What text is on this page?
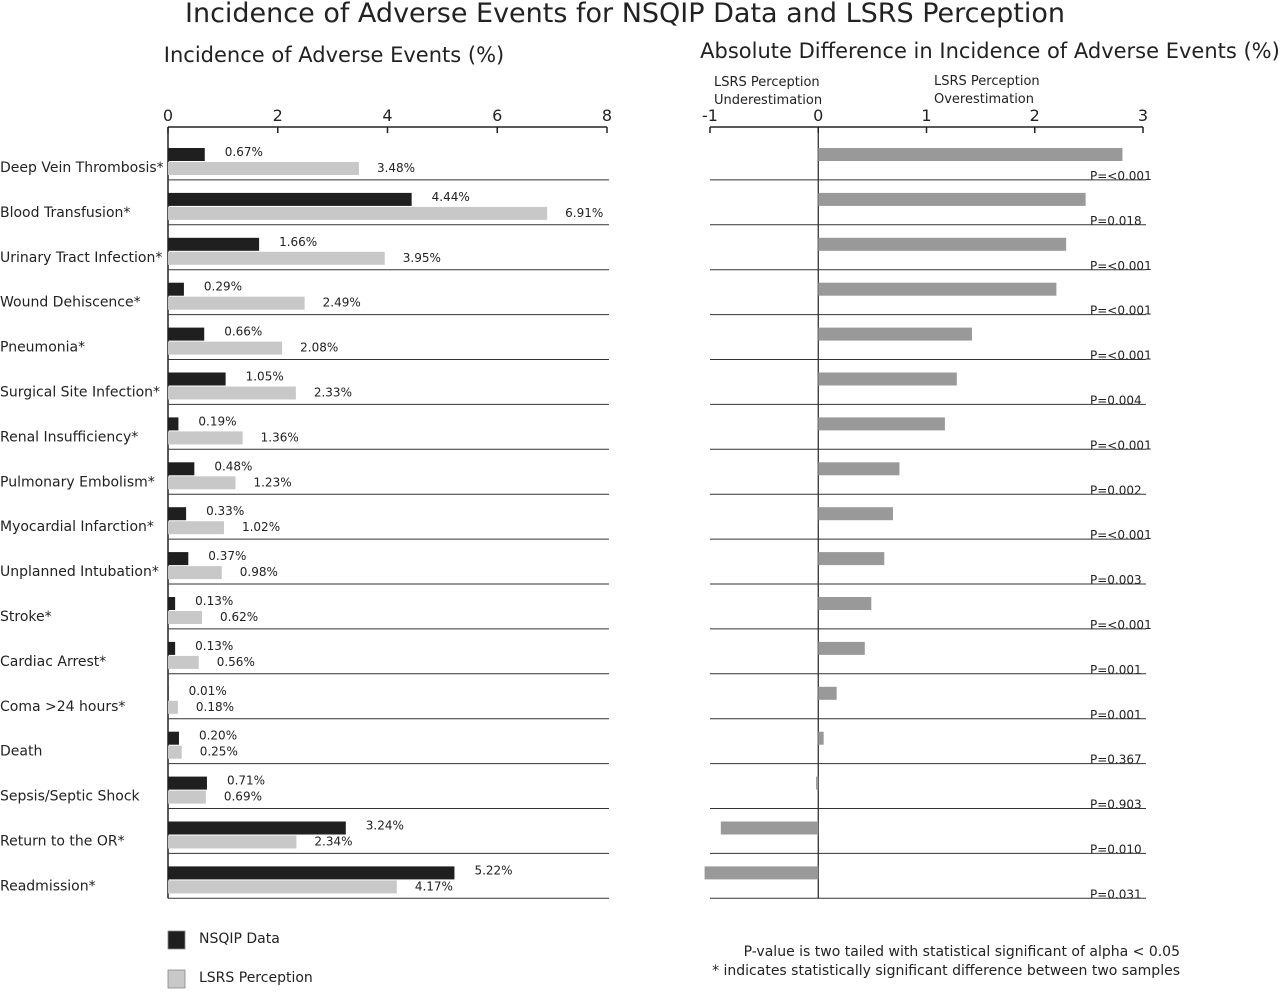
Incidence of Adverse Events for NSQIP Data and LSRS Perception
Incidence of Adverse Events (%)	Absolute Difference in Incidence of Adverse Events (%)
0	2	4	6	8
Deep Vein Thrombosis*
0.67%
3.48%
Blood Transfusion*
4.44%
6.91%
Urinary Tract Infection*
1.66%
3.95%
Wound Dehiscence*
0.29%
2.49%
Pneumonia*
0.66%
2.08%
Surgical Site Infection*
1.05%
2.33%
Renal Insufficiency*
0.19%
1.36%
Pulmonary Embolism*
0.48%
1.23%
Myocardial Infarction*
0.33%
1.02%
Unplanned Intubation*
0.37%
0.98%
Stroke*
0.13%
0.62%
Cardiac Arrest*
0.13%
0.56%
Coma >24 hours*
0.01%
0.18%
Death
0.20%
0.25%
Sepsis/Septic Shock
0.71%
0.69%
Return to the OR*
3.24%
2.34%
Readmission*
5.22%
4.17%
-1	0	1	2	3
LSRS Perception
Underestimation
LSRS Perception
Overestimation
P=<0.001
P=0.018
P=<0.001
P=<0.001
P=<0.001
P=0.004
P=<0.001
P=0.002
P=<0.001
P=0.003
P=<0.001
P=0.001
P=0.001
P=0.367
P=0.903
P=0.010
P=0.031
NSQIP Data
LSRS Perception
P-value is two tailed with statistical significant of alpha < 0.05
* indicates statistically significant difference between two samples
